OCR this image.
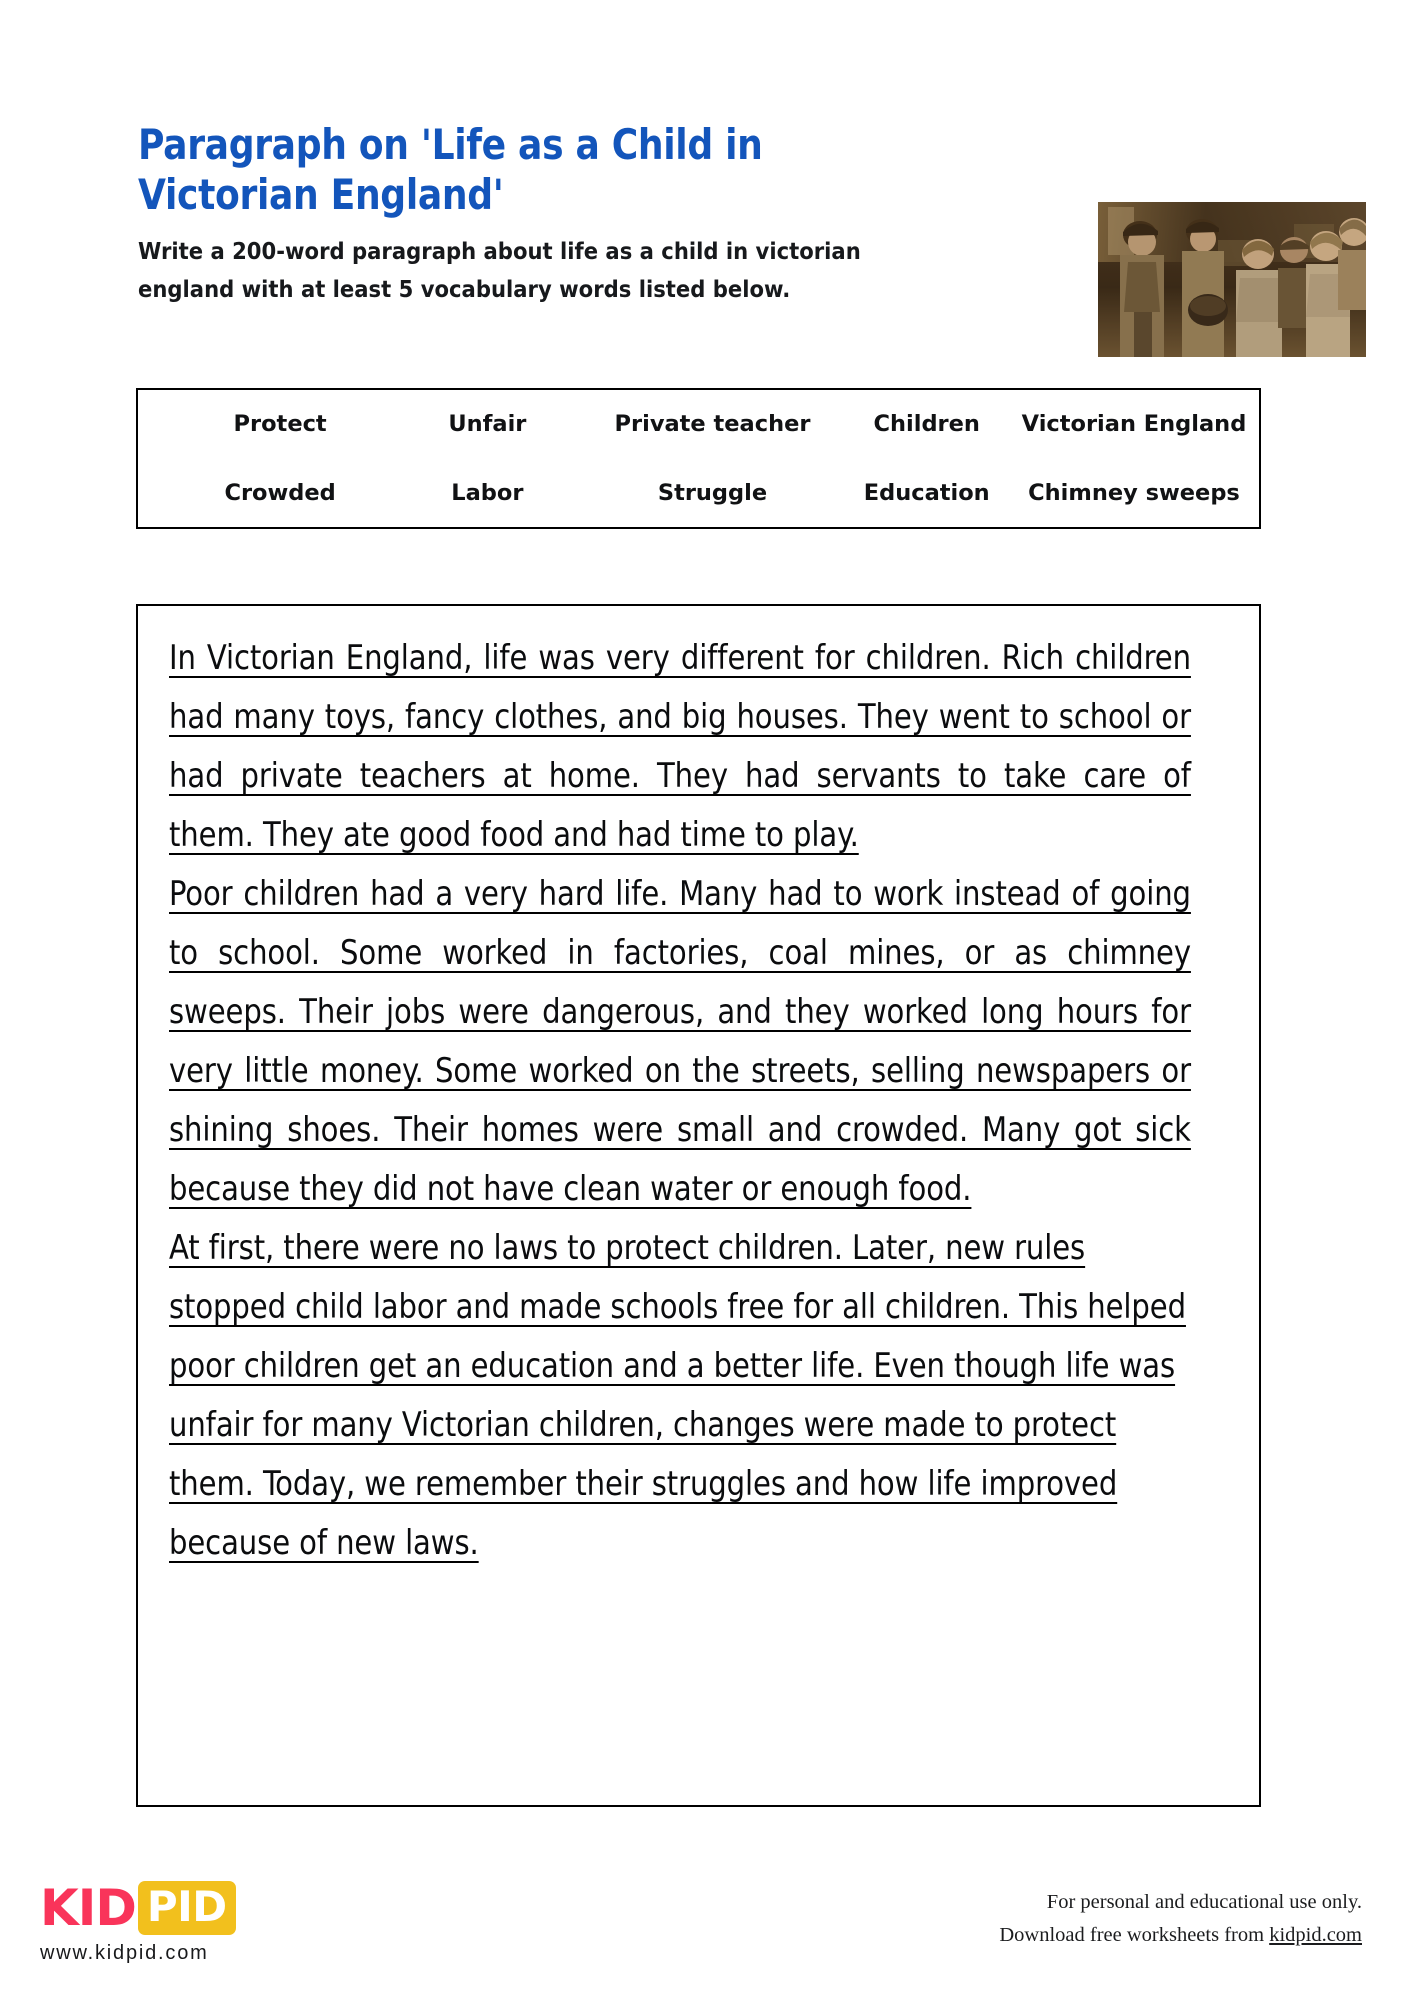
Paragraph on 'Life as a Child in Victorian England'
Write a 200-word paragraph about life as a child in victorian
england with at least 5 vocabulary words listed below.
Protect	Unfair	Private teacher	Children	Victorian England
Crowded	Labor	Struggle	Education	Chimney sweeps

In Victorian England, life was very different for children. Rich children had many toys, fancy clothes, and big houses. They went to school or had private teachers at home. They had servants to take care of them. They ate good food and had time to play.

Poor children had a very hard life. Many had to work instead of going to school. Some worked in factories, coal mines, or as chimney sweeps. Their jobs were dangerous, and they worked long hours for very little money. Some worked on the streets, selling newspapers or shining shoes. Their homes were small and crowded. Many got sick because they did not have clean water or enough food.

At first, there were no laws to protect children. Later, new rules stopped child labor and made schools free for all children. This helped poor children get an education and a better life. Even though life was unfair for many Victorian children, changes were made to protect them. Today, we remember their struggles and how life improved because of new laws.

KID PID
www.kidpid.com
For personal and educational use only.
Download free worksheets from kidpid.com
